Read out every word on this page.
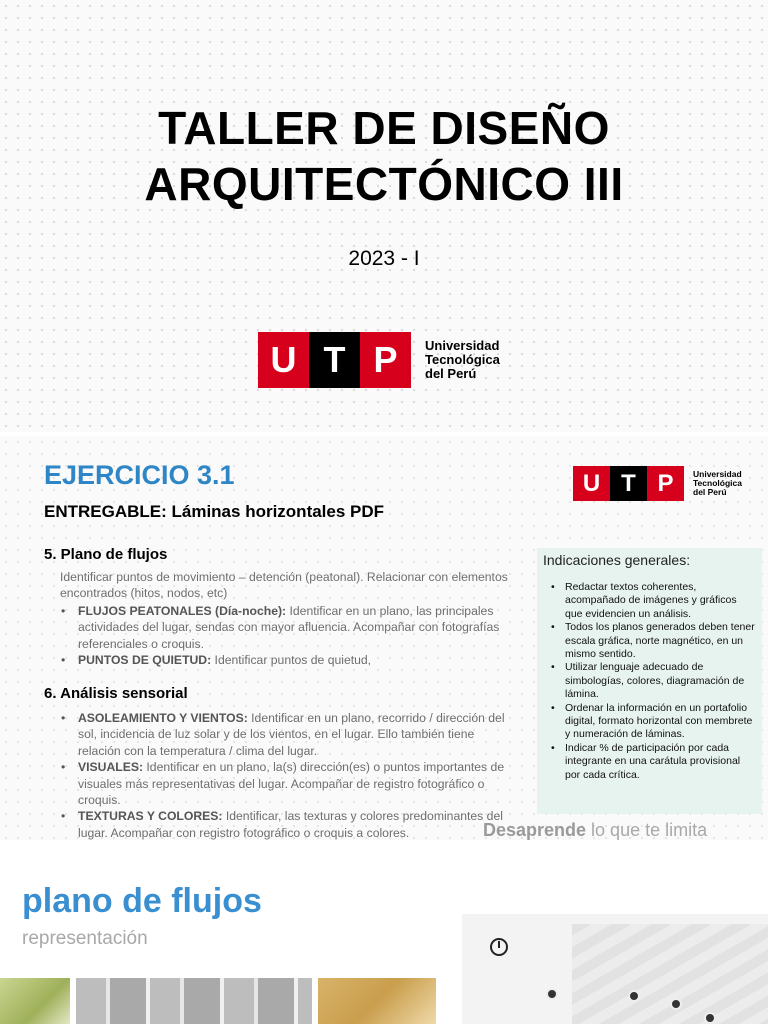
TALLER DE DISEÑO
ARQUITECTÓNICO III
2023 - I
U T P	Universidad
Tecnológica
del Perú
EJERCICIO 3.1
ENTREGABLE: Láminas horizontales PDF
U T P	Universidad
Tecnológica
del Perú
5. Plano de flujos
Identificar puntos de movimiento – detención (peatonal). Relacionar con elementos encontrados (hitos, nodos, etc)
• FLUJOS PEATONALES (Día-noche): Identificar en un plano, las principales actividades del lugar, sendas con mayor afluencia. Acompañar con fotografías referenciales o croquis.
• PUNTOS DE QUIETUD: Identificar puntos de quietud,
6. Análisis sensorial
• ASOLEAMIENTO Y VIENTOS: Identificar en un plano, recorrido / dirección del sol, incidencia de luz solar y de los vientos, en el lugar. Ello también tiene relación con la temperatura / clima del lugar.
• VISUALES: Identificar en un plano, la(s) dirección(es) o puntos importantes de visuales más representativas del lugar. Acompañar de registro fotográfico o croquis.
• TEXTURAS Y COLORES: Identificar, las texturas y colores predominantes del lugar. Acompañar con registro fotográfico o croquis a colores.
Indicaciones generales:
• Redactar textos coherentes, acompañado de imágenes y gráficos que evidencien un análisis.
• Todos los planos generados deben tener escala gráfica, norte magnético, en un mismo sentido.
• Utilizar lenguaje adecuado de simbologías, colores, diagramación de lámina.
• Ordenar la información en un portafolio digital, formato horizontal con membrete y numeración de láminas.
• Indicar % de participación por cada integrante en una carátula provisional por cada crítica.
Desaprende lo que te limita
plano de flujos
representación
